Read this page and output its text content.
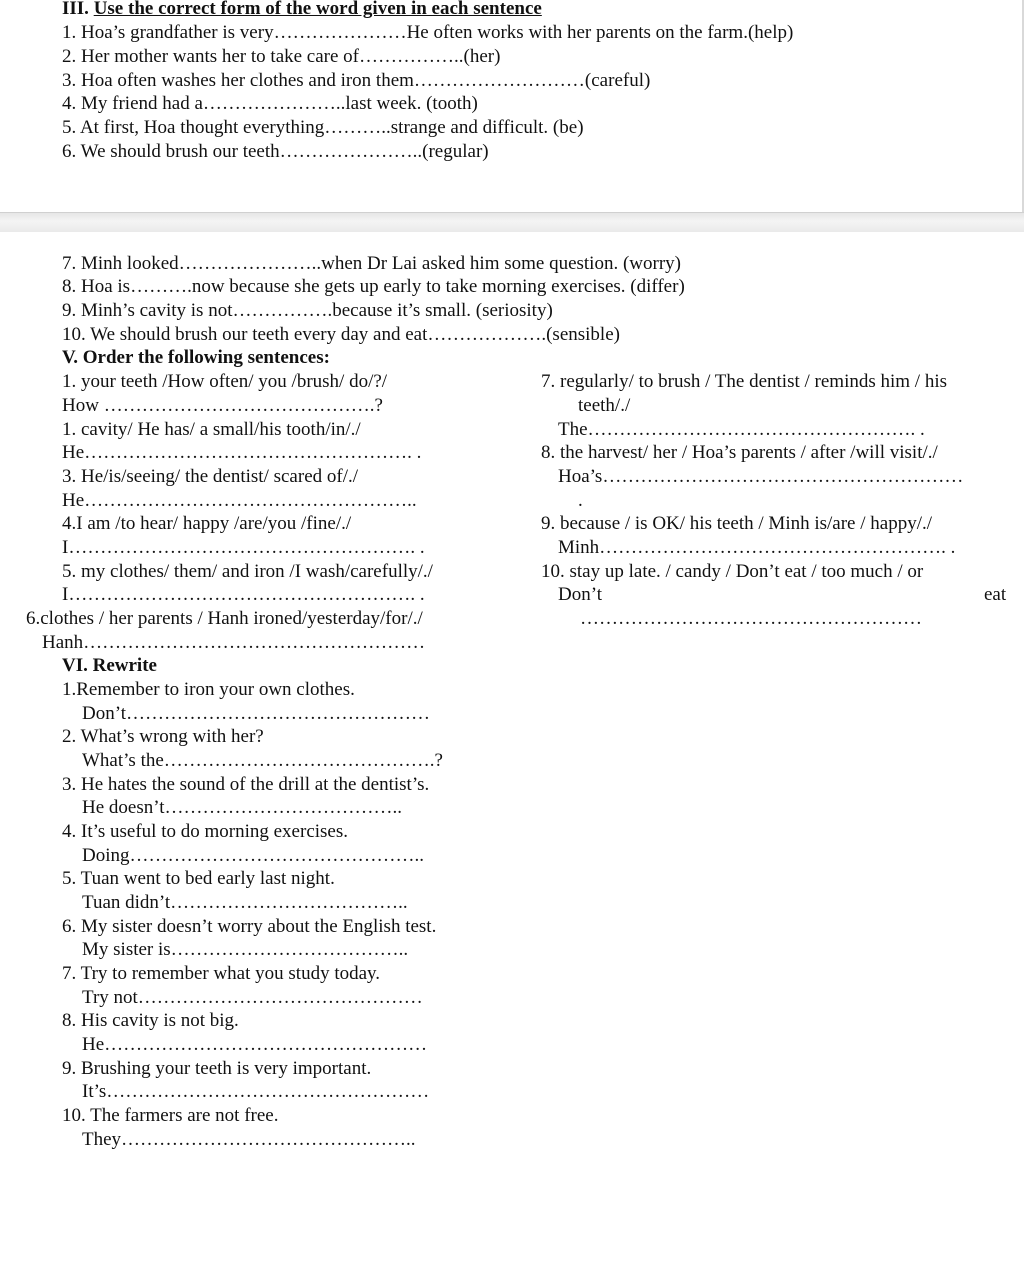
III. Use the correct form of the word given in each sentence
1. Hoa’s grandfather is very…………………He often works with her parents on the farm.(help)
2. Her mother wants her to take care of……………..(her)
3. Hoa often washes her clothes and iron them………………………(careful)
4. My friend had a…………………..last week. (tooth)
5. At first, Hoa thought everything………..strange and difficult. (be)
6. We should brush our teeth…………………..(regular)
7. Minh looked…………………..when Dr Lai asked him some question. (worry)
8. Hoa is……….now because she gets up early to take morning exercises. (differ)
9. Minh’s cavity is not…………….because it’s small. (seriosity)
10. We should brush our teeth every day and eat……………….(sensible)
V. Order the following sentences:
1. your teeth /How often/ you /brush/ do/?/
How …………………………………….?
1. cavity/ He has/ a small/his tooth/in/./
He……………………………………………. .
3. He/is/seeing/ the dentist/ scared of/./
He……………………………………………..
4.I am /to hear/ happy /are/you /fine/./
I………………………………………………. .
5. my clothes/ them/ and iron /I wash/carefully/./
I………………………………………………. .
6.clothes / her parents / Hanh ironed/yesterday/for/./
Hanh………………………………………………
7. regularly/ to brush / The dentist / reminds him / his
teeth/./
The……………………………………………. .
8. the harvest/ her / Hoa’s parents / after /will visit/./
Hoa’s…………………………………………………
.
9. because / is OK/ his teeth / Minh is/are / happy/./
Minh………………………………………………. .
10. stay up late. / candy / Don’t eat / too much / or
Don’t	eat
………………………………………………
VI. Rewrite
1.Remember to iron your own clothes.
Don’t…………………………………………
2. What’s wrong with her?
What’s the…………………………………….?
3. He hates the sound of the drill at the dentist’s.
He doesn’t………………………………..
4. It’s useful to do morning exercises.
Doing………………………………………..
5. Tuan went to bed early last night.
Tuan didn’t………………………………..
6. My sister doesn’t worry about the English test.
My sister is………………………………..
7. Try to remember what you study today.
Try not………………………………………
8. His cavity is not big.
He……………………………………………
9. Brushing your teeth is very important.
It’s……………………………………………
10. The farmers are not free.
They………………………………………..
